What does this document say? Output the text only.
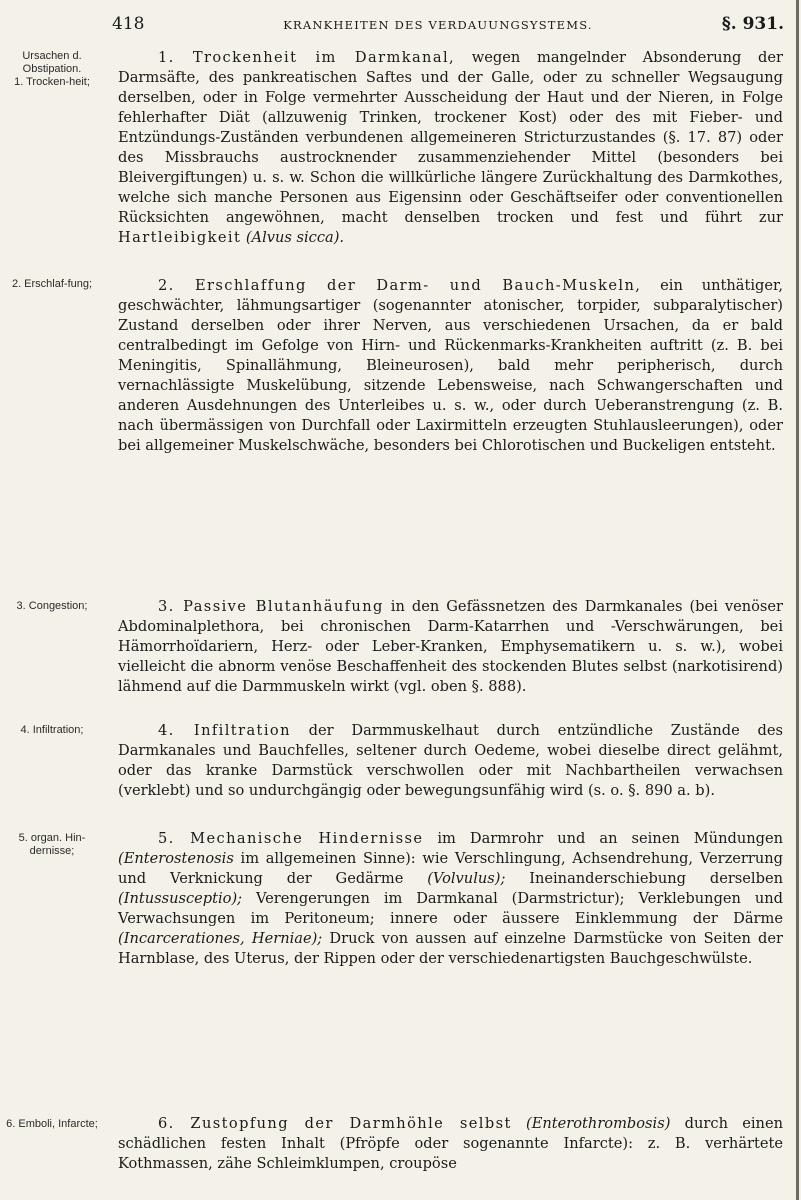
418	KRANKHEITEN DES VERDAUUNGSYSTEMS.	§. 931.
Ursachen d. Obstipation.
1. Trocken-heit;
2. Erschlaf-fung;
3. Congestion;
4. Infiltration;
5. organ. Hin-dernisse;
6. Emboli, Infarcte;

1. Trockenheit im Darmkanal, wegen mangelnder Absonderung der Darmsäfte, des pankreatischen Saftes und der Galle, oder zu schneller Wegsaugung derselben, oder in Folge vermehrter Ausscheidung der Haut und der Nieren, in Folge fehlerhafter Diät (allzuwenig Trinken, trockener Kost) oder des mit Fieber- und Entzündungs-Zuständen verbundenen allgemeineren Stricturzustandes (§. 17. 87) oder des Missbrauchs austrocknender zusammenziehender Mittel (besonders bei Bleivergiftungen) u. s. w. Schon die willkürliche längere Zurückhaltung des Darmkothes, welche sich manche Personen aus Eigensinn oder Geschäftseifer oder conventionellen Rücksichten angewöhnen, macht denselben trocken und fest und führt zur Hartleibigkeit (Alvus sicca).

2. Erschlaffung der Darm- und Bauch-Muskeln, ein unthätiger, geschwächter, lähmungsartiger (sogenannter atonischer, torpider, subparalytischer) Zustand derselben oder ihrer Nerven, aus verschiedenen Ursachen, da er bald centralbedingt im Gefolge von Hirn- und Rückenmarks-Krankheiten auftritt (z. B. bei Meningitis, Spinallähmung, Bleineurosen), bald mehr peripherisch, durch vernachlässigte Muskelübung, sitzende Lebensweise, nach Schwangerschaften und anderen Ausdehnungen des Unterleibes u. s. w., oder durch Ueberanstrengung (z. B. nach übermässigen von Durchfall oder Laxirmitteln erzeugten Stuhlausleerungen), oder bei allgemeiner Muskelschwäche, besonders bei Chlorotischen und Buckeligen entsteht.

3. Passive Blutanhäufung in den Gefässnetzen des Darmkanales (bei venöser Abdominalplethora, bei chronischen Darm-Katarrhen und -Verschwärungen, bei Hämorrhoïdariern, Herz- oder Leber-Kranken, Emphysematikern u. s. w.), wobei vielleicht die abnorm venöse Beschaffenheit des stockenden Blutes selbst (narkotisirend) lähmend auf die Darmmuskeln wirkt (vgl. oben §. 888).

4. Infiltration der Darmmuskelhaut durch entzündliche Zustände des Darmkanales und Bauchfelles, seltener durch Oedeme, wobei dieselbe direct gelähmt, oder das kranke Darmstück verschwollen oder mit Nachbartheilen verwachsen (verklebt) und so undurchgängig oder bewegungsunfähig wird (s. o. §. 890 a. b).

5. Mechanische Hindernisse im Darmrohr und an seinen Mündungen (Enterostenosis im allgemeinen Sinne): wie Verschlingung, Achsendrehung, Verzerrung und Verknickung der Gedärme (Volvulus); Ineinanderschiebung derselben (Intussusceptio); Verengerungen im Darmkanal (Darmstrictur); Verklebungen und Verwachsungen im Peritoneum; innere oder äussere Einklemmung der Därme (Incarcerationes, Herniae); Druck von aussen auf einzelne Darmstücke von Seiten der Harnblase, des Uterus, der Rippen oder der verschiedenartigsten Bauchgeschwülste.

6. Zustopfung der Darmhöhle selbst (Enterothrombosis) durch einen schädlichen festen Inhalt (Pfröpfe oder sogenannte Infarcte): z. B. verhärtete Kothmassen, zähe Schleimklumpen, croupöse
